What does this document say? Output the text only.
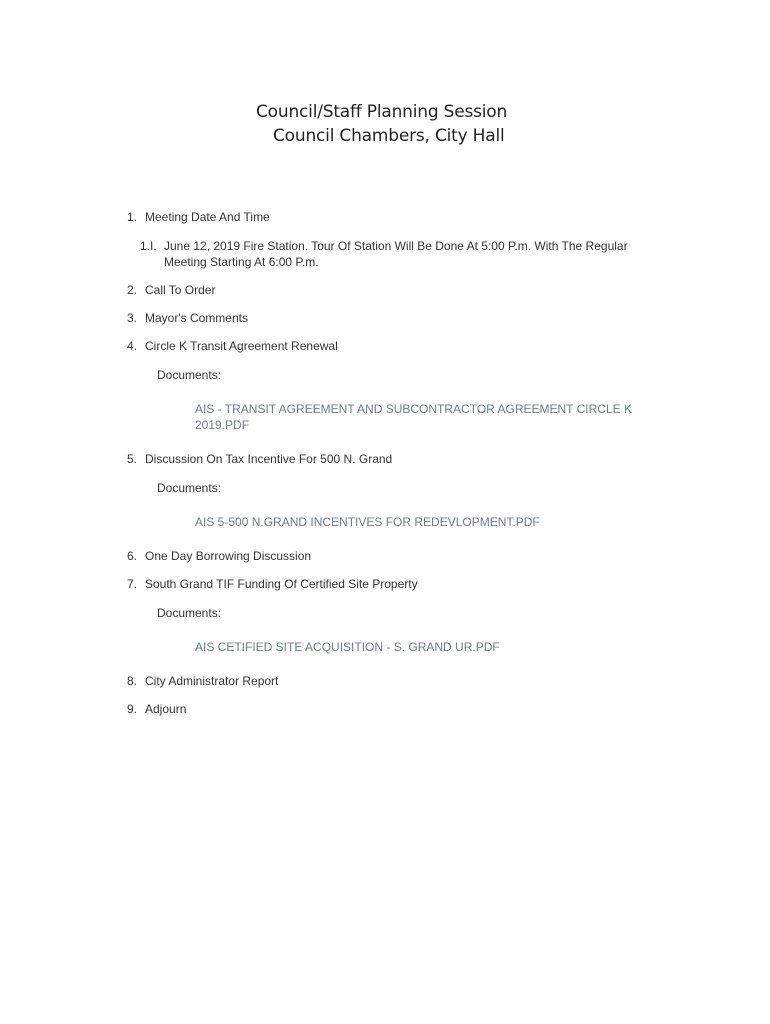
Council/Staff Planning Session
Council Chambers, City Hall
1. Meeting Date And Time
1.I. June 12, 2019 Fire Station. Tour Of Station Will Be Done At 5:00 P.m. With The Regular
Meeting Starting At 6:00 P.m.
2. Call To Order
3. Mayor's Comments
4. Circle K Transit Agreement Renewal
Documents:
AIS - TRANSIT AGREEMENT AND SUBCONTRACTOR AGREEMENT CIRCLE K 2019.PDF
5. Discussion On Tax Incentive For 500 N. Grand
Documents:
AIS 5-500 N.GRAND INCENTIVES FOR REDEVLOPMENT.PDF
6. One Day Borrowing Discussion
7. South Grand TIF Funding Of Certified Site Property
Documents:
AIS CETIFIED SITE ACQUISITION - S. GRAND UR.PDF
8. City Administrator Report
9. Adjourn
